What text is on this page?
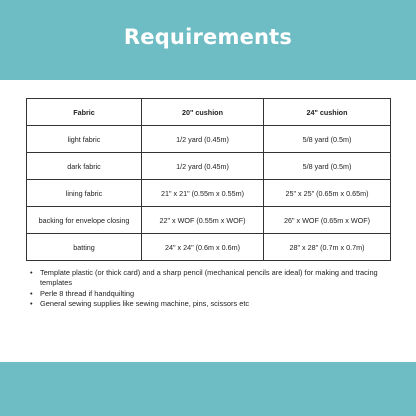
Requirements
Fabric	20" cushion	24" cushion
light fabric	1/2 yard (0.45m)	5/8 yard (0.5m)
dark fabric	1/2 yard (0.45m)	5/8 yard (0.5m)
lining fabric	21" x 21" (0.55m x 0.55m)	25" x 25" (0.65m x 0.65m)
backing for envelope closing	22" x WOF (0.55m x WOF)	26" x WOF (0.65m x WOF)
batting	24" x 24" (0.6m x 0.6m)	28" x 28" (0.7m x 0.7m)
• Template plastic (or thick card) and a sharp pencil (mechanical pencils are ideal) for making and tracing templates
• Perle 8 thread if handquilting
• General sewing supplies like sewing machine, pins, scissors etc
